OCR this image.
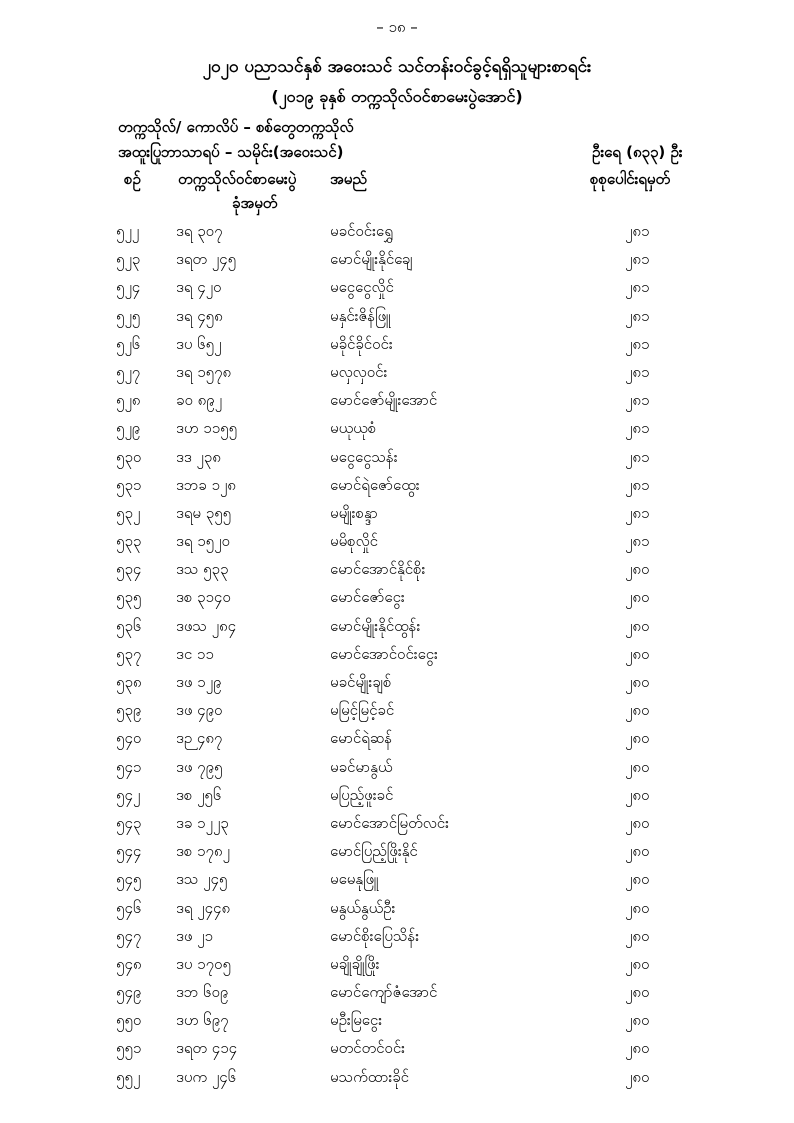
– ၁၈ –
၂၀၂၀ ပညာသင်နှစ် အဝေးသင် သင်တန်းဝင်ခွင့်ရရှိသူများစာရင်း
(၂၀၁၉ ခုနှစ် တက္ကသိုလ်ဝင်စာမေးပွဲအောင်)
တက္ကသိုလ်/ ကောလိပ် – စစ်တွေတက္ကသိုလ်
အထူးပြုဘာသာရပ် – သမိုင်း(အဝေးသင်)	ဦးရေ (၈၃၃) ဦး
စဉ် တက္ကသိုလ်ဝင်စာမေးပွဲ
ခုံအမှတ်
အမည်	စုစုပေါင်းရမှတ်
၅၂၂ ဒရ ၃၀၇	မခင်ဝင်းရွှေ	၂၈၁
၅၂၃ ဒရတ ၂၄၅	မောင်မျိုးနိုင်ချေ	၂၈၁
၅၂၄ ဒရ ၄၂၀	မငွေငွေလှိုင်	၂၈၁
၅၂၅ ဒရ ၄၅၈	မနှင်းဇိန်ဖြူ	၂၈၁
၅၂၆ ဒပ ၆၅၂	မခိုင်ခိုင်ဝင်း	၂၈၁
၅၂၇ ဒရ ၁၅၇၈	မလှလှဝင်း	၂၈၁
၅၂၈ ခဝ ၈၉၂	မောင်ဇော်မျိုးအောင်	၂၈၁
၅၂၉ ဒဟ ၁၁၅၅	မယုယုစံ	၂၈၁
၅၃၀ ဒဒ ၂၃၈	မငွေငွေသန်း	၂၈၁
၅၃၁ ဒဘခ ၁၂၈	မောင်ရဲဇော်ထွေး	၂၈၁
၅၃၂ ဒရမ ၃၅၅	မမျိုးစန္ဒာ	၂၈၁
၅၃၃ ဒရ ၁၅၂၀	မမိစုလှိုင်	၂၈၁
၅၃၄ ဒသ ၅၃၃	မောင်အောင်နိုင်စိုး	၂၈၀
၅၃၅ ဒစ ၃၁၄၀	မောင်ဇော်ငွေး	၂၈၀
၅၃၆ ဒဖသ ၂၈၄	မောင်မျိုးနိုင်ထွန်း	၂၈၀
၅၃၇ ဒင ၁၁	မောင်အောင်ဝင်းငွေး	၂၈၀
၅၃၈ ဒဖ ၁၂၉	မခင်မျိုးချစ်	၂၈၀
၅၃၉ ဒဖ ၄၉၀	မမြင့်မြင့်ခင်	၂၈၀
၅၄၀ ဒဉ ၄၈၇	မောင်ရဲဆန်	၂၈၀
၅၄၁ ဒဖ ၇၉၅	မခင်မာနွယ်	၂၈၀
၅၄၂ ဒစ ၂၅၆	မပြည့်ဖူးခင်	၂၈၀
၅၄၃ ဒခ ၁၂၂၃	မောင်အောင်မြတ်လင်း	၂၈၀
၅၄၄ ဒစ ၁၇၈၂	မောင်ပြည့်ဖြိုးနိုင်	၂၈၀
၅၄၅ ဒသ ၂၄၅	မမေနုဖြူ	၂၈၀
၅၄၆ ဒရ ၂၄၄၈	မနွယ်နွယ်ဦး	၂၈၀
၅၄၇ ဒဖ ၂၁	မောင်စိုးပြေသိန်း	၂၈၀
၅၄၈ ဒပ ၁၇၀၅	မချိုချိုဖြိုး	၂၈၀
၅၄၉ ဒဘ ၆၀၉	မောင်ကျော်ဇံအောင်	၂၈၀
၅၅၀ ဒဟ ၆၉၇	မဦးမြငွေး	၂၈၀
၅၅၁ ဒရတ ၄၁၄	မတင်တင်ဝင်း	၂၈၀
၅၅၂ ဒပက ၂၄၆	မသက်ထားခိုင်	၂၈၀
